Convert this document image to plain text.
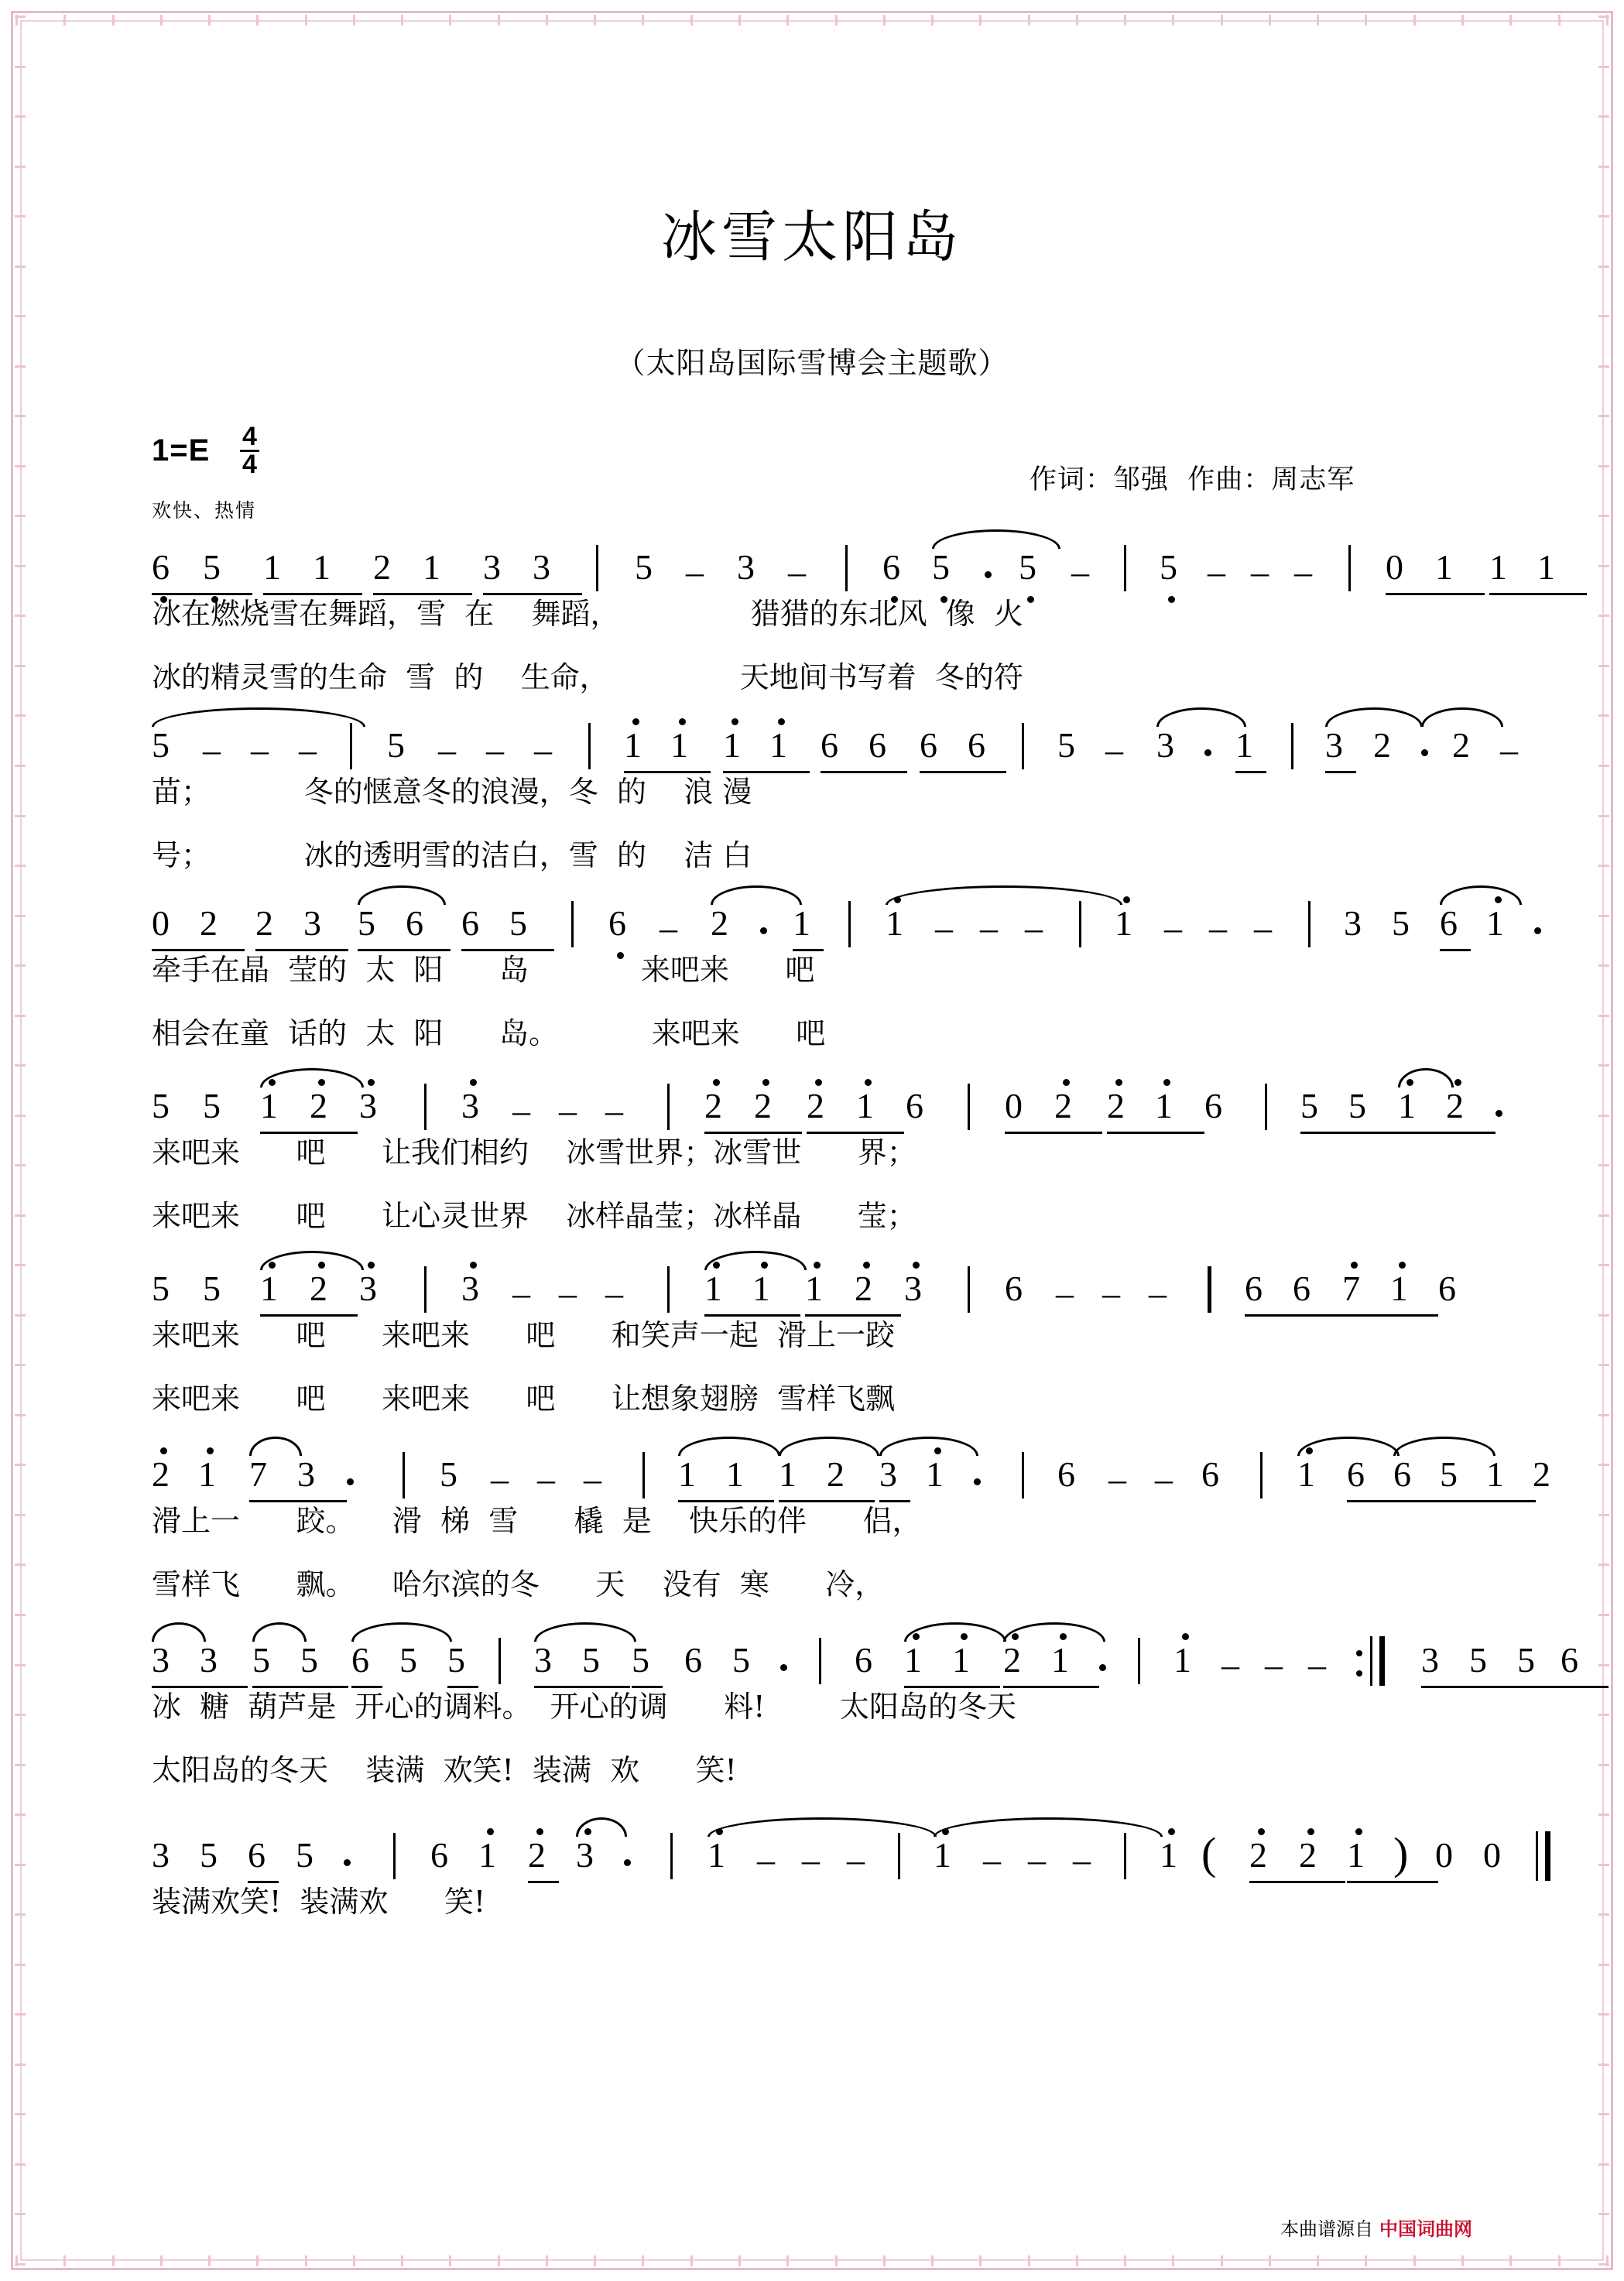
冰雪太阳岛
（太阳岛国际雪博会主题歌）
$1=E \frac{4}{4}$
欢快、热情
作词：邹强  作曲：周志军
6 5 1 1 2 1 3 3 5 – 3 – 6 5 5 – 5 – – – 0 1 1 1
冰在燃烧雪在舞蹈，雪  在    舞蹈，              猎猎的东北风  像  火
冰的精灵雪的生命  雪  的    生命，              天地间书写着  冬的符
5 – – – 5 – – – 1 1 1 1 6 6 6 6 5 – 3 1 3 2 2 –
苗；          冬的惬意冬的浪漫，冬  的    浪 漫
号；          冰的透明雪的洁白，雪  的    洁 白
0 2 2 3 5 6 6 5 6 – 2 1 1 – – – 1 – – – 3 5 6 1
牵手在晶  莹的  太  阳      岛            来吧来      吧
相会在童  话的  太  阳      岛。          来吧来      吧
5 5 1 2 3 3 – – – 2 2 2 1 6 0 2 2 1 6 5 5 1 2
来吧来      吧      让我们相约    冰雪世界；冰雪世      界；
来吧来      吧      让心灵世界    冰样晶莹；冰样晶      莹；
5 5 1 2 3 3 – – – 1 1 1 2 3 6 – – – 6 6 7 1 6
来吧来      吧      来吧来      吧      和笑声一起  滑上一跤
来吧来      吧      来吧来      吧      让想象翅膀  雪样飞飘
2 1 7 3	5 – – – 1 1 1 2 3 1	6 – – 6 1 6 6 5 1 2
滑上一      跤。    滑  梯  雪      橇  是    快乐的伴      侣，
雪样飞      飘。    哈尔滨的冬      天    没有  寒      冷，
3 3 5 5 6 5 5 3 5 5 6 5	6 1 1 2 1	1 – – –	3 5 5 6
冰  糖  葫芦是  开心的调料。  开心的调      料!        太阳岛的冬天
太阳岛的冬天    装满  欢笑!  装满  欢      笑!
3 5 6 5	6 1 2 3	1 – – – 1 – – – 1 ( 2 2 1 ) 0 0
装满欢笑!  装满欢      笑!
本曲谱源自 中国词曲网
